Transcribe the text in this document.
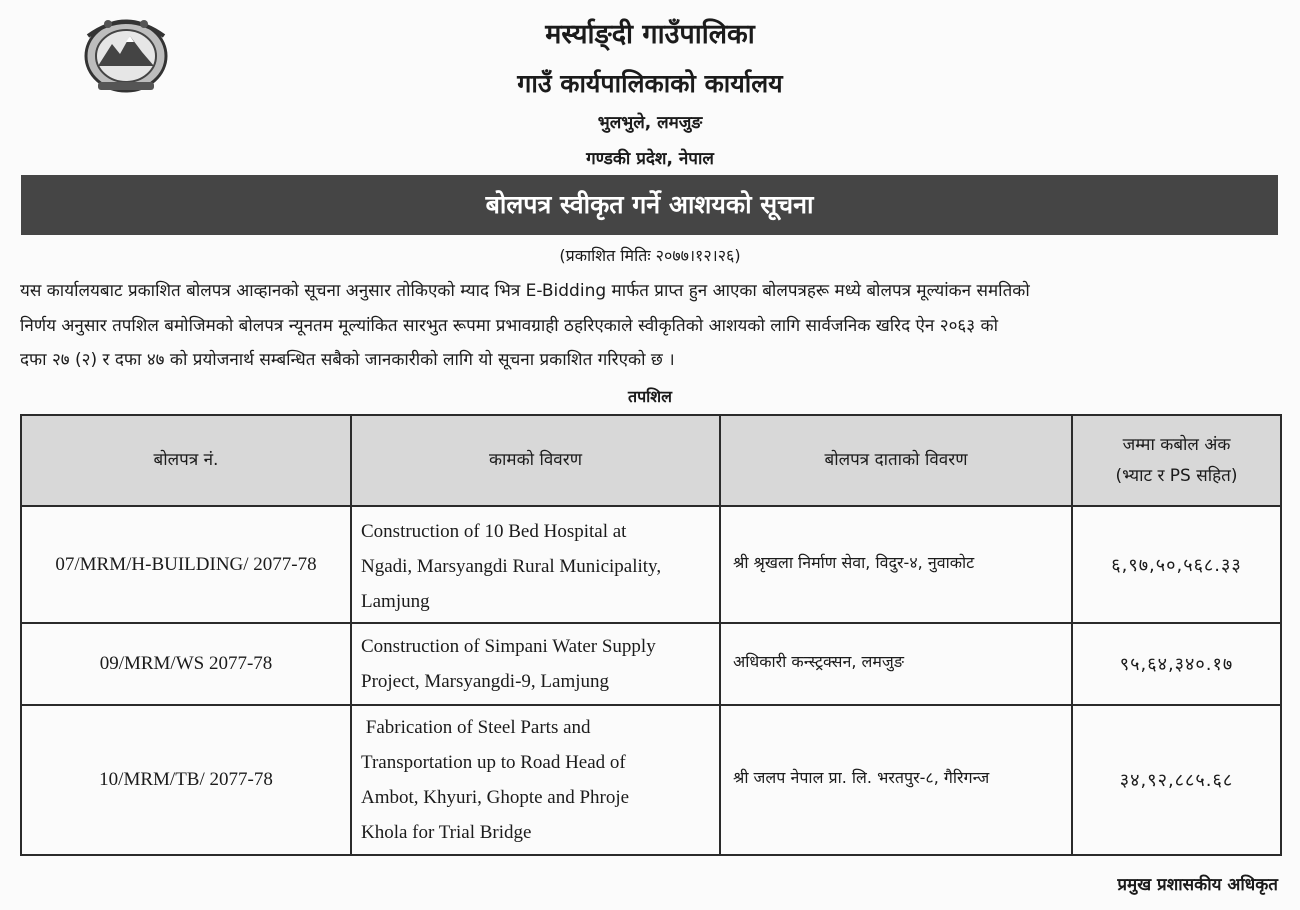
मर्स्याङ्दी गाउँपालिका
गाउँ कार्यपालिकाको कार्यालय
भुलभुले, लमजुङ
गण्डकी प्रदेश, नेपाल
बोलपत्र स्वीकृत गर्ने आशयको सूचना
(प्रकाशित मितिः २०७७।१२।२६)
यस कार्यालयबाट प्रकाशित बोलपत्र आव्हानको सूचना अनुसार तोकिएको म्याद भित्र E-Bidding मार्फत प्राप्त हुन आएका बोलपत्रहरू मध्ये बोलपत्र मूल्यांकन समतिको
निर्णय अनुसार तपशिल बमोजिमको बोलपत्र न्यूनतम मूल्यांकित सारभुत रूपमा प्रभावग्राही ठहरिएकाले स्वीकृतिको आशयको लागि सार्वजनिक खरिद ऐन २०६३ को
दफा २७ (२) र दफा ४७ को प्रयोजनार्थ सम्बन्धित सबैको जानकारीको लागि यो सूचना प्रकाशित गरिएको छ ।
तपशिल
बोलपत्र नं.	कामको विवरण	बोलपत्र दाताको विवरण	जम्मा कबोल अंक
(भ्याट र PS सहित)

07/MRM/H-BUILDING/ 2077-78	Construction of 10 Bed Hospital at
Ngadi, Marsyangdi Rural Municipality,
Lamjung	श्री श्रृखला निर्माण सेवा, विदुर-४, नुवाकोट	६,९७,५०,५६८.३३
09/MRM/WS 2077-78	Construction of Simpani Water Supply
Project, Marsyangdi-9, Lamjung	अधिकारी कन्स्ट्रक्सन, लमजुङ	९५,६४,३४०.१७
10/MRM/TB/ 2077-78	Fabrication of Steel Parts and
Transportation up to Road Head of
Ambot, Khyuri, Ghopte and Phroje
Khola for Trial Bridge	श्री जलप नेपाल प्रा. लि. भरतपुर-८, गैरिगन्ज	३४,९२,८८५.६८
प्रमुख प्रशासकीय अधिकृत
